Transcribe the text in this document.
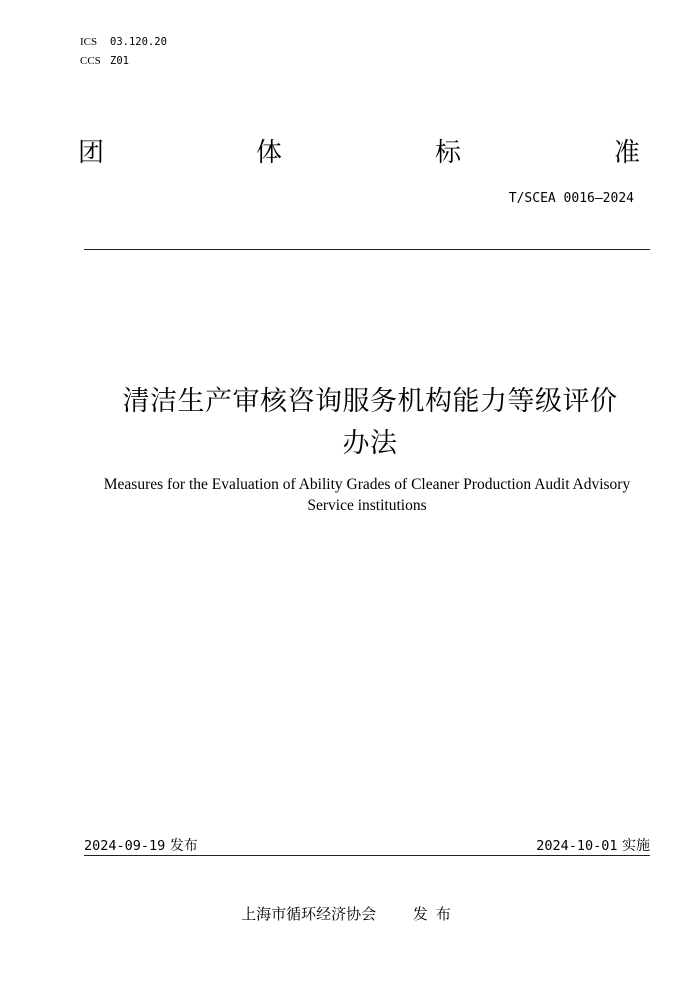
ICS	03.120.20
CCS Z01
团	体	标	准
T/SCEA 0016—2024
清洁生产审核咨询服务机构能力等级评价
办法
Measures for the Evaluation of Ability Grades of Cleaner Production Audit Advisory
Service institutions
2024-09-19 发布	2024-10-01 实施
上海市循环经济协会 发布
